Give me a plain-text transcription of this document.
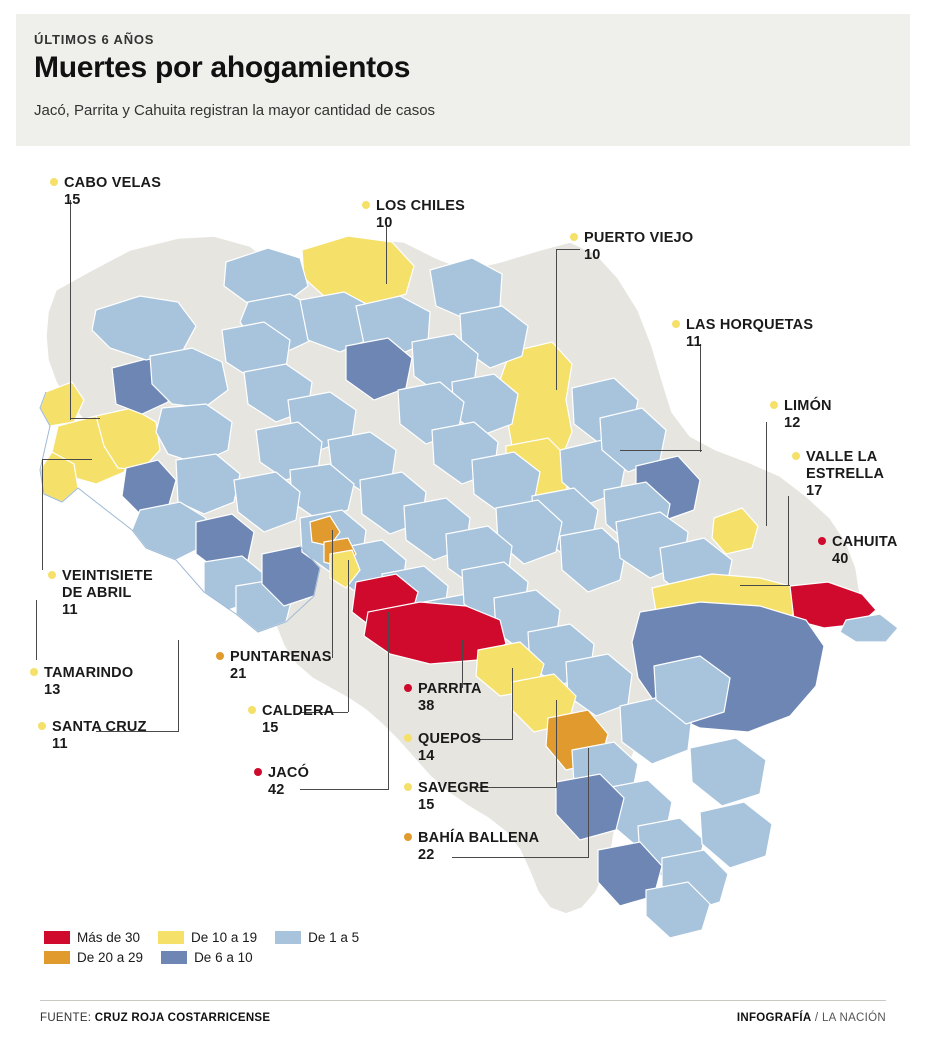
ÚLTIMOS 6 AÑOS
Muertes por ahogamientos
Jacó, Parrita y Cahuita registran la mayor cantidad de casos
CABO VELAS
15	LOS CHILES
10
PUERTO VIEJO
10
LAS HORQUETAS
11
LIMÓN
12
VALLE LA
ESTRELLA
17
CAHUITA
40
VEINTISIETE
DE ABRIL
11
TAMARINDO
13
SANTA CRUZ
11
PUNTARENAS
21
CALDERA
15
PARRITA
38
QUEPOS
14
JACÓ
42	SAVEGRE
15
BAHÍA BALLENA
22
Más de 30	De 10 a 19	De 1 a 5
De 20 a 29	De 6 a 10
FUENTE: CRUZ ROJA COSTARRICENSE	INFOGRAFÍA / LA NACIÓN
